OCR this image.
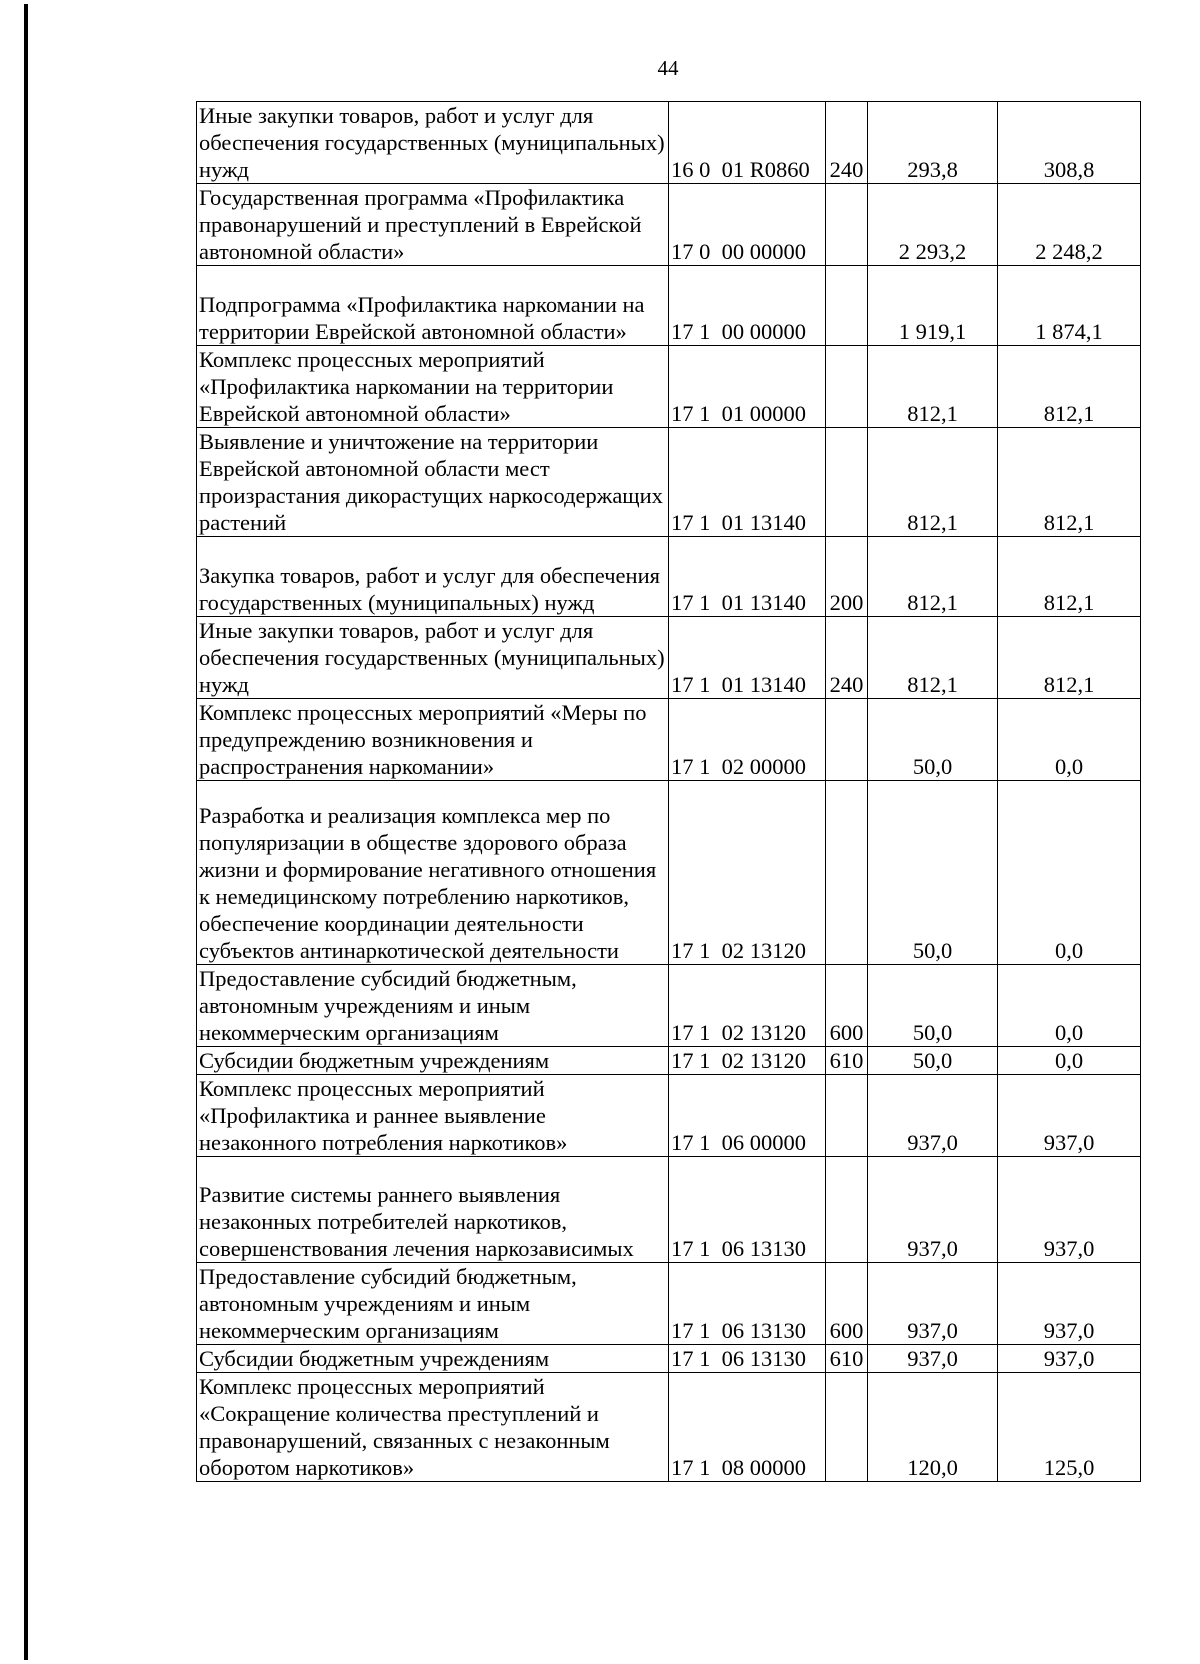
44
Иные закупки товаров, работ и услуг для обеспечения государственных (муниципальных) нужд	16 0  01 R0860	240	293,8	308,8
Государственная программа «Профилактика правонарушений и преступлений в Еврейской автономной области»	17 0  00 00000		2 293,2	2 248,2
Подпрограмма «Профилактика наркомании на территории Еврейской автономной области»	17 1  00 00000		1 919,1	1 874,1
Комплекс процессных мероприятий «Профилактика наркомании на территории Еврейской автономной области»	17 1  01 00000		812,1	812,1
Выявление и уничтожение на территории Еврейской автономной области мест произрастания дикорастущих наркосодержащих растений	17 1  01 13140		812,1	812,1
Закупка товаров, работ и услуг для обеспечения государственных (муниципальных) нужд	17 1  01 13140	200	812,1	812,1
Иные закупки товаров, работ и услуг для обеспечения государственных (муниципальных) нужд	17 1  01 13140	240	812,1	812,1
Комплекс процессных мероприятий «Меры по предупреждению возникновения и распространения наркомании»	17 1  02 00000		50,0	0,0
Разработка и реализация комплекса мер по популяризации в обществе здорового образа жизни и формирование негативного отношения к немедицинскому потреблению наркотиков, обеспечение координации деятельности субъектов антинаркотической деятельности	17 1  02 13120		50,0	0,0
Предоставление субсидий бюджетным, автономным учреждениям и иным некоммерческим организациям	17 1  02 13120	600	50,0	0,0
Субсидии бюджетным учреждениям	17 1  02 13120	610	50,0	0,0
Комплекс процессных мероприятий «Профилактика и раннее выявление незаконного потребления наркотиков»	17 1  06 00000		937,0	937,0
Развитие системы раннего выявления незаконных потребителей наркотиков, совершенствования лечения наркозависимых	17 1  06 13130		937,0	937,0
Предоставление субсидий бюджетным, автономным учреждениям и иным некоммерческим организациям	17 1  06 13130	600	937,0	937,0
Субсидии бюджетным учреждениям	17 1  06 13130	610	937,0	937,0
Комплекс процессных мероприятий «Сокращение количества преступлений и правонарушений, связанных с незаконным оборотом наркотиков»	17 1  08 00000		120,0	125,0
